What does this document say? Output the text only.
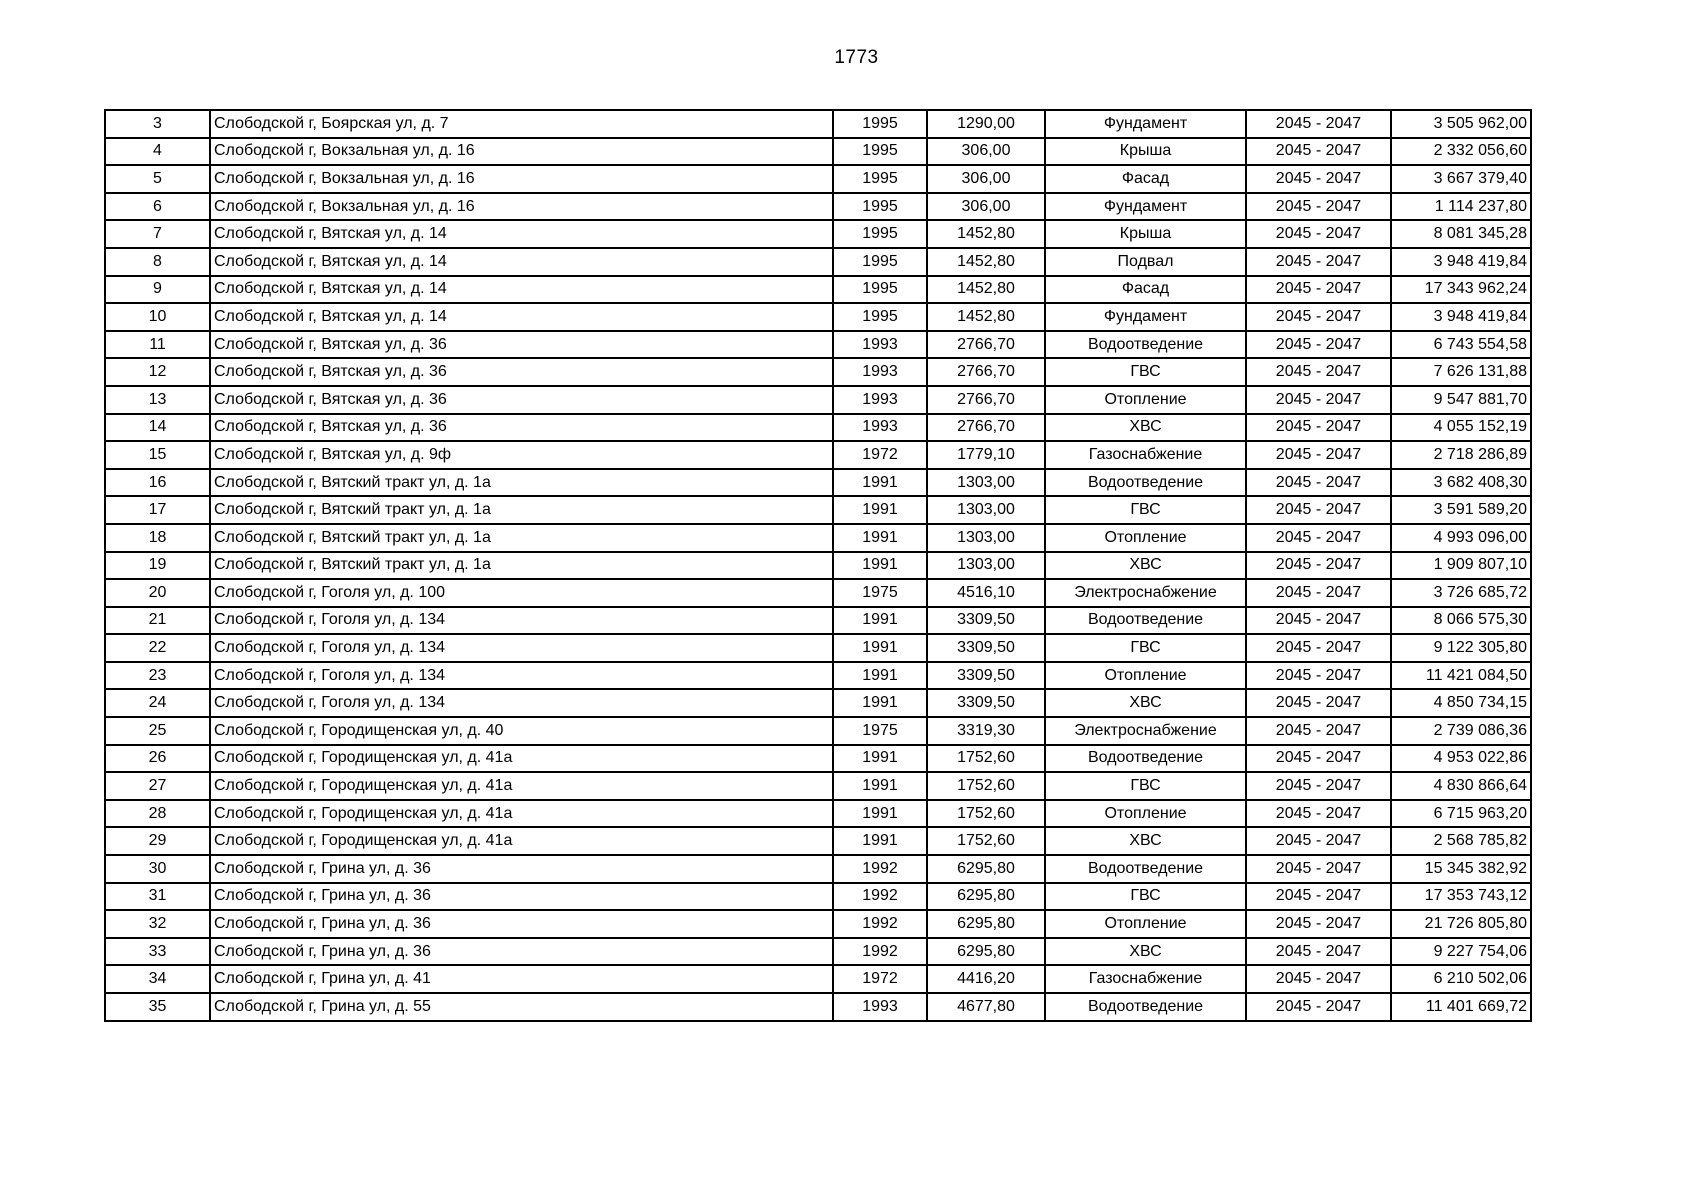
1773
3	Слободской г, Боярская ул, д. 7	1995	1290,00	Фундамент	2045 - 2047	3 505 962,00
4	Слободской г, Вокзальная ул, д. 16	1995	306,00	Крыша	2045 - 2047	2 332 056,60
5	Слободской г, Вокзальная ул, д. 16	1995	306,00	Фасад	2045 - 2047	3 667 379,40
6	Слободской г, Вокзальная ул, д. 16	1995	306,00	Фундамент	2045 - 2047	1 114 237,80
7	Слободской г, Вятская ул, д. 14	1995	1452,80	Крыша	2045 - 2047	8 081 345,28
8	Слободской г, Вятская ул, д. 14	1995	1452,80	Подвал	2045 - 2047	3 948 419,84
9	Слободской г, Вятская ул, д. 14	1995	1452,80	Фасад	2045 - 2047	17 343 962,24
10	Слободской г, Вятская ул, д. 14	1995	1452,80	Фундамент	2045 - 2047	3 948 419,84
11	Слободской г, Вятская ул, д. 36	1993	2766,70	Водоотведение	2045 - 2047	6 743 554,58
12	Слободской г, Вятская ул, д. 36	1993	2766,70	ГВС	2045 - 2047	7 626 131,88
13	Слободской г, Вятская ул, д. 36	1993	2766,70	Отопление	2045 - 2047	9 547 881,70
14	Слободской г, Вятская ул, д. 36	1993	2766,70	ХВС	2045 - 2047	4 055 152,19
15	Слободской г, Вятская ул, д. 9ф	1972	1779,10	Газоснабжение	2045 - 2047	2 718 286,89
16	Слободской г, Вятский тракт ул, д. 1а	1991	1303,00	Водоотведение	2045 - 2047	3 682 408,30
17	Слободской г, Вятский тракт ул, д. 1а	1991	1303,00	ГВС	2045 - 2047	3 591 589,20
18	Слободской г, Вятский тракт ул, д. 1а	1991	1303,00	Отопление	2045 - 2047	4 993 096,00
19	Слободской г, Вятский тракт ул, д. 1а	1991	1303,00	ХВС	2045 - 2047	1 909 807,10
20	Слободской г, Гоголя ул, д. 100	1975	4516,10	Электроснабжение	2045 - 2047	3 726 685,72
21	Слободской г, Гоголя ул, д. 134	1991	3309,50	Водоотведение	2045 - 2047	8 066 575,30
22	Слободской г, Гоголя ул, д. 134	1991	3309,50	ГВС	2045 - 2047	9 122 305,80
23	Слободской г, Гоголя ул, д. 134	1991	3309,50	Отопление	2045 - 2047	11 421 084,50
24	Слободской г, Гоголя ул, д. 134	1991	3309,50	ХВС	2045 - 2047	4 850 734,15
25	Слободской г, Городищенская ул, д. 40	1975	3319,30	Электроснабжение	2045 - 2047	2 739 086,36
26	Слободской г, Городищенская ул, д. 41а	1991	1752,60	Водоотведение	2045 - 2047	4 953 022,86
27	Слободской г, Городищенская ул, д. 41а	1991	1752,60	ГВС	2045 - 2047	4 830 866,64
28	Слободской г, Городищенская ул, д. 41а	1991	1752,60	Отопление	2045 - 2047	6 715 963,20
29	Слободской г, Городищенская ул, д. 41а	1991	1752,60	ХВС	2045 - 2047	2 568 785,82
30	Слободской г, Грина ул, д. 36	1992	6295,80	Водоотведение	2045 - 2047	15 345 382,92
31	Слободской г, Грина ул, д. 36	1992	6295,80	ГВС	2045 - 2047	17 353 743,12
32	Слободской г, Грина ул, д. 36	1992	6295,80	Отопление	2045 - 2047	21 726 805,80
33	Слободской г, Грина ул, д. 36	1992	6295,80	ХВС	2045 - 2047	9 227 754,06
34	Слободской г, Грина ул, д. 41	1972	4416,20	Газоснабжение	2045 - 2047	6 210 502,06
35	Слободской г, Грина ул, д. 55	1993	4677,80	Водоотведение	2045 - 2047	11 401 669,72
